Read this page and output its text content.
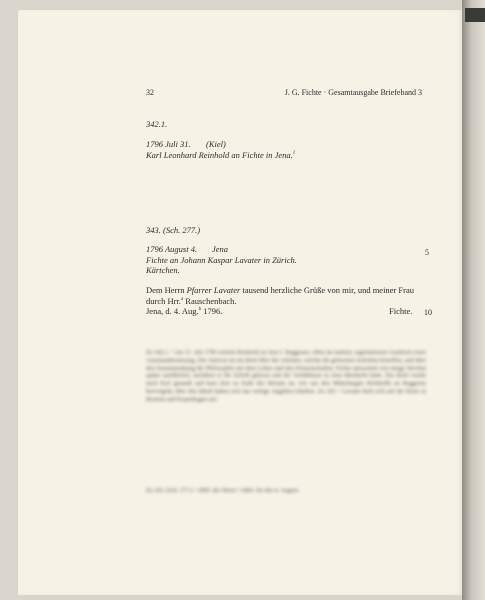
32	J. G. Fichte · Gesamtausgabe Briefeband 3
342.1.
1796 Juli 31. (Kiel)
Karl Leonhard Reinhold an Fichte in Jena.$^1$
343. (Sch. 277.)
1796 August 4. Jena	5
Fichte an Johann Kaspar Lavater in Zürich.
Kärtchen.
Dem Herrn Pfarrer Lavater tausend herzliche Grüße von mir, und meiner Frau
durch Hrr.$^a$ Rauschenbach.
Jena, d. 4. Aug.$^b$ 1796.	Fichte. 10
Zu 342.1. ¹ Am 31. Juli 1796 schrieb Reinhold an Jens I. Baggesen, offen im starken, ergebnislosen Ausdruck einer Auseinandersetzung. Die Antwort ist ein Brief über die Arbeiten, welche die gelesenen Schriften betreffen, und über den Zusammenhang der Philosophie mit dem Leben und den Wissenschaften. Fichte antwortete erst einige Wochen später ausführlich, nachdem er die Schrift gelesen und die Verhältnisse in Jena überdacht hatte. Der Brief wurde nach Kiel gesandt und kam dort zu Ende des Monats an, wie aus den Mitteilungen Reinholds an Baggesen hervorgeht; über den Inhalt haben sich nur wenige Angaben erhalten. Zu 343. ¹ Lavater hielt sich auf der Reise in Bremen und Kopenhagen auf.
Zu 343. (Sch. 277.) ᵃ ABH. der Herrn ᵇ ABH. für den 4. August.
